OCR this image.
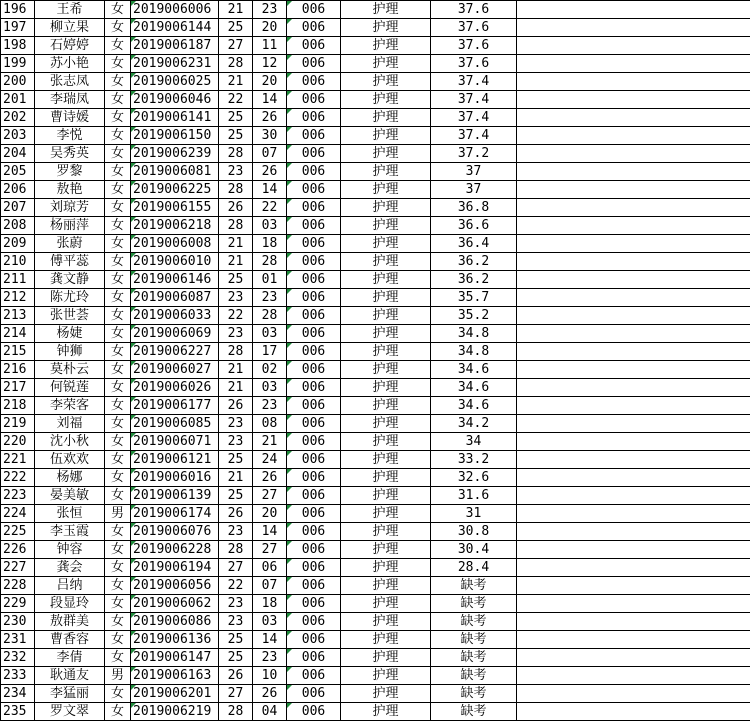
196	王希	女	2019006006	21	23	006	护理	37.6	
197	柳立果	女	2019006144	25	20	006	护理	37.6	
198	石婷婷	女	2019006187	27	11	006	护理	37.6	
199	苏小艳	女	2019006231	28	12	006	护理	37.6	
200	张志凤	女	2019006025	21	20	006	护理	37.4	
201	李瑞凤	女	2019006046	22	14	006	护理	37.4	
202	曹诗媛	女	2019006141	25	26	006	护理	37.4	
203	李悦	女	2019006150	25	30	006	护理	37.4	
204	吴秀英	女	2019006239	28	07	006	护理	37.2	
205	罗黎	女	2019006081	23	26	006	护理	37	
206	敖艳	女	2019006225	28	14	006	护理	37	
207	刘琼芳	女	2019006155	26	22	006	护理	36.8	
208	杨丽萍	女	2019006218	28	03	006	护理	36.6	
209	张蔚	女	2019006008	21	18	006	护理	36.4	
210	傅平蕊	女	2019006010	21	28	006	护理	36.2	
211	龚文静	女	2019006146	25	01	006	护理	36.2	
212	陈尤玲	女	2019006087	23	23	006	护理	35.7	
213	张世荟	女	2019006033	22	28	006	护理	35.2	
214	杨婕	女	2019006069	23	03	006	护理	34.8	
215	钟狮	女	2019006227	28	17	006	护理	34.8	
216	莫朴云	女	2019006027	21	02	006	护理	34.6	
217	何锐莲	女	2019006026	21	03	006	护理	34.6	
218	李荣客	女	2019006177	26	23	006	护理	34.6	
219	刘福	女	2019006085	23	08	006	护理	34.2	
220	沈小秋	女	2019006071	23	21	006	护理	34	
221	伍欢欢	女	2019006121	25	24	006	护理	33.2	
222	杨娜	女	2019006016	21	26	006	护理	32.6	
223	晏美敏	女	2019006139	25	27	006	护理	31.6	
224	张恒	男	2019006174	26	20	006	护理	31	
225	李玉霞	女	2019006076	23	14	006	护理	30.8	
226	钟容	女	2019006228	28	27	006	护理	30.4	
227	龚会	女	2019006194	27	06	006	护理	28.4	
228	吕纳	女	2019006056	22	07	006	护理	缺考	
229	段显玲	女	2019006062	23	18	006	护理	缺考	
230	敖群美	女	2019006086	23	03	006	护理	缺考	
231	曹香容	女	2019006136	25	14	006	护理	缺考	
232	李倩	女	2019006147	25	23	006	护理	缺考	
233	耿通友	男	2019006163	26	10	006	护理	缺考	
234	李猛丽	女	2019006201	27	26	006	护理	缺考	
235	罗文翠	女	2019006219	28	04	006	护理	缺考	
